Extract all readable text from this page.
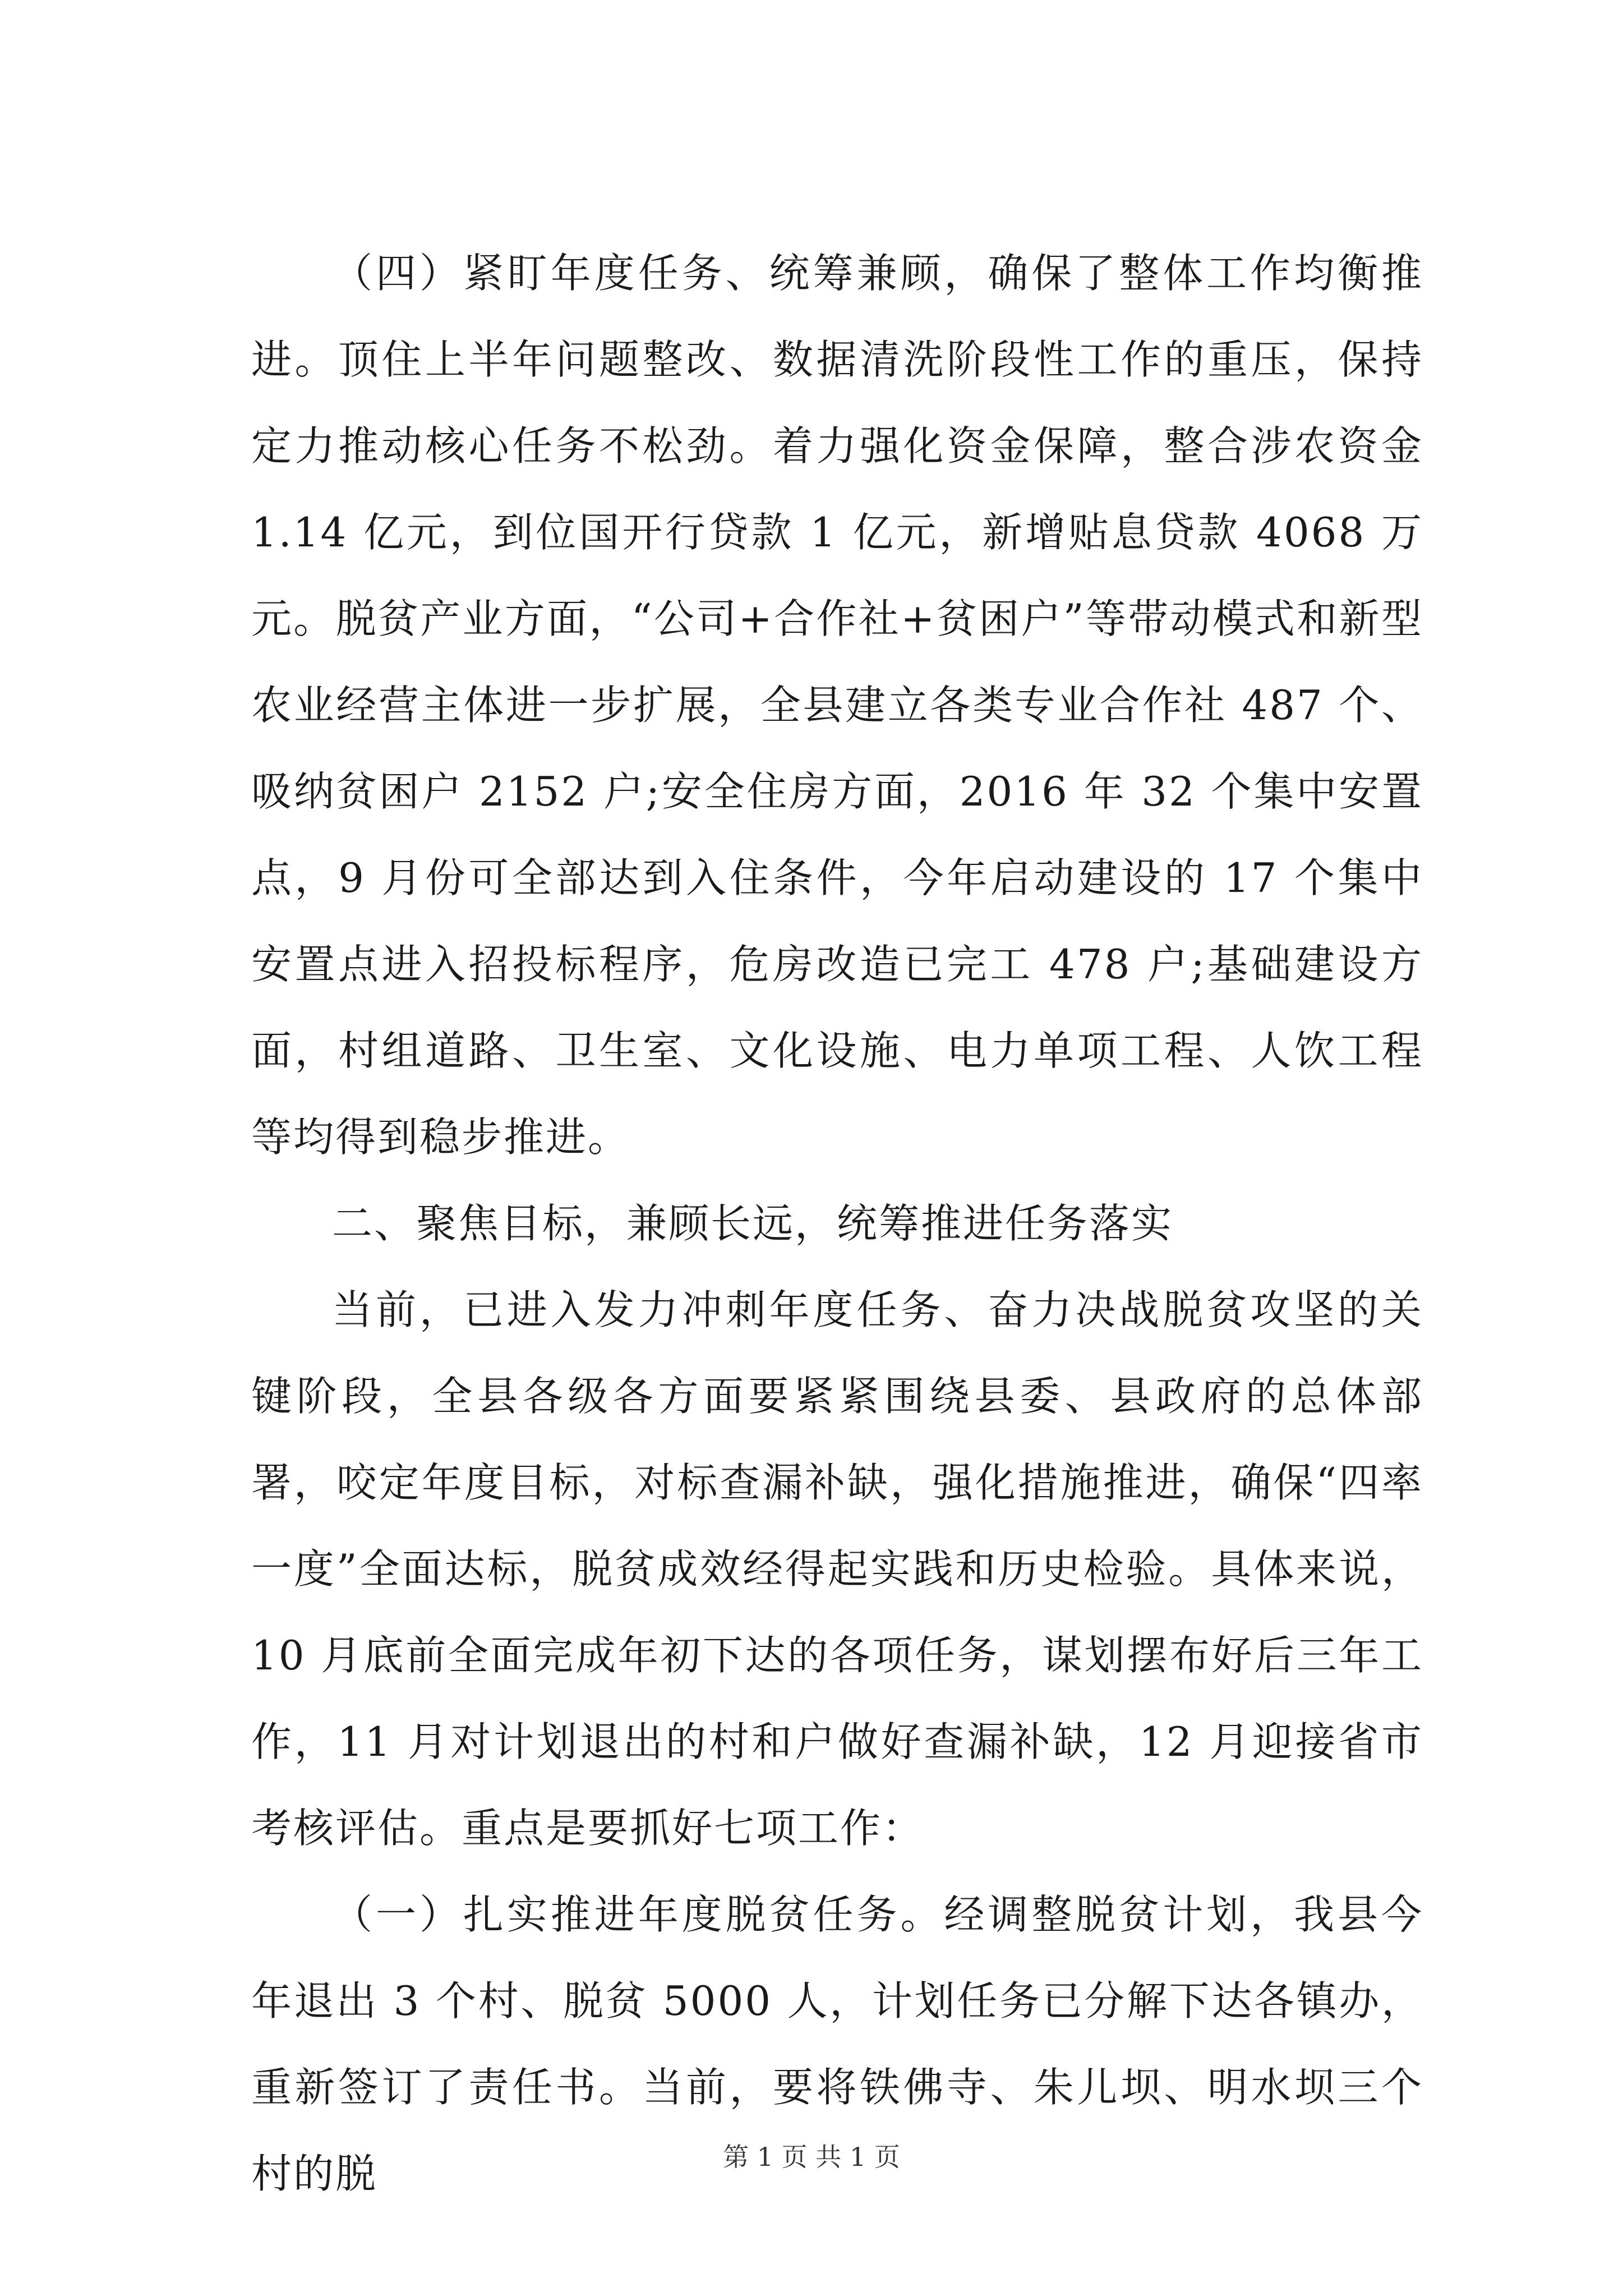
（四）紧盯年度任务、统筹兼顾，确保了整体工作均衡推进。顶住上半年问题整改、数据清洗阶段性工作的重压，保持定力推动核心任务不松劲。着力强化资金保障，整合涉农资金 1.14 亿元，到位国开行贷款 1 亿元，新增贴息贷款 4068 万元。脱贫产业方面，“公司+合作社+贫困户”等带动模式和新型农业经营主体进一步扩展，全县建立各类专业合作社 487 个、吸纳贫困户 2152 户;安全住房方面，2016 年 32 个集中安置点，9 月份可全部达到入住条件，今年启动建设的 17 个集中安置点进入招投标程序，危房改造已完工 478 户;基础建设方面，村组道路、卫生室、文化设施、电力单项工程、人饮工程等均得到稳步推进。

二、聚焦目标，兼顾长远，统筹推进任务落实

当前，已进入发力冲刺年度任务、奋力决战脱贫攻坚的关键阶段，全县各级各方面要紧紧围绕县委、县政府的总体部署，咬定年度目标，对标查漏补缺，强化措施推进，确保“四率一度”全面达标，脱贫成效经得起实践和历史检验。具体来说，10 月底前全面完成年初下达的各项任务，谋划摆布好后三年工作，11 月对计划退出的村和户做好查漏补缺，12 月迎接省市考核评估。重点是要抓好七项工作：

（一）扎实推进年度脱贫任务。经调整脱贫计划，我县今年退出 3 个村、脱贫 5000 人，计划任务已分解下达各镇办，重新签订了责任书。当前，要将铁佛寺、朱儿坝、明水坝三个村的脱	第 1 页 共 1 页
